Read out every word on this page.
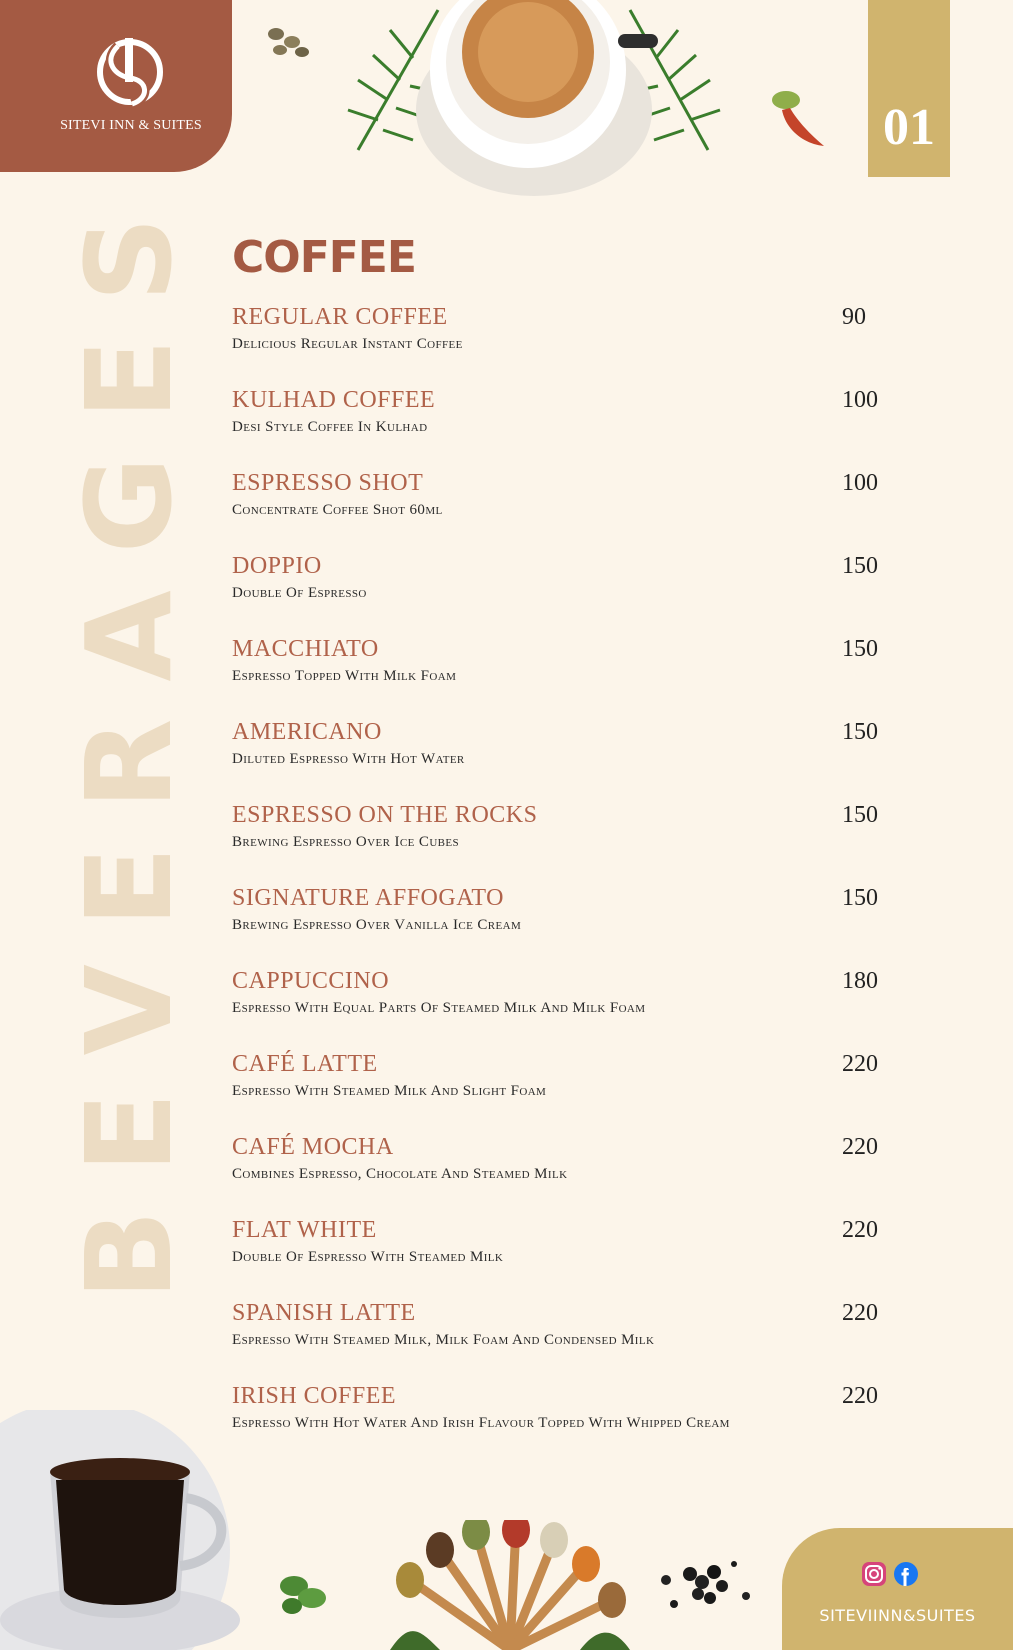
SITEVI INN & SUITES	01
BEVERAGES COFFEE
REGULAR COFFEE
Delicious Regular Instant Coffee
90
KULHAD COFFEE
Desi Style Coffee In Kulhad
100
ESPRESSO SHOT
Concentrate Coffee Shot 60ml
100
DOPPIO
Double Of Espresso
150
MACCHIATO
Espresso Topped With Milk Foam
150
AMERICANO
Diluted Espresso With Hot Water
150
ESPRESSO ON THE ROCKS
Brewing Espresso Over Ice Cubes
150
SIGNATURE AFFOGATO
Brewing Espresso Over Vanilla Ice Cream
150
CAPPUCCINO
Espresso With Equal Parts Of Steamed Milk And Milk Foam
180
CAFÉ LATTE
Espresso With Steamed Milk And Slight Foam
220
CAFÉ MOCHA
Combines Espresso, Chocolate And Steamed Milk
220
FLAT WHITE
Double Of Espresso With Steamed Milk
220
SPANISH LATTE
Espresso With Steamed Milk, Milk Foam And Condensed Milk
220
IRISH COFFEE
Espresso With Hot Water And Irish Flavour Topped With Whipped Cream
220
SITEVIINN&SUITES
